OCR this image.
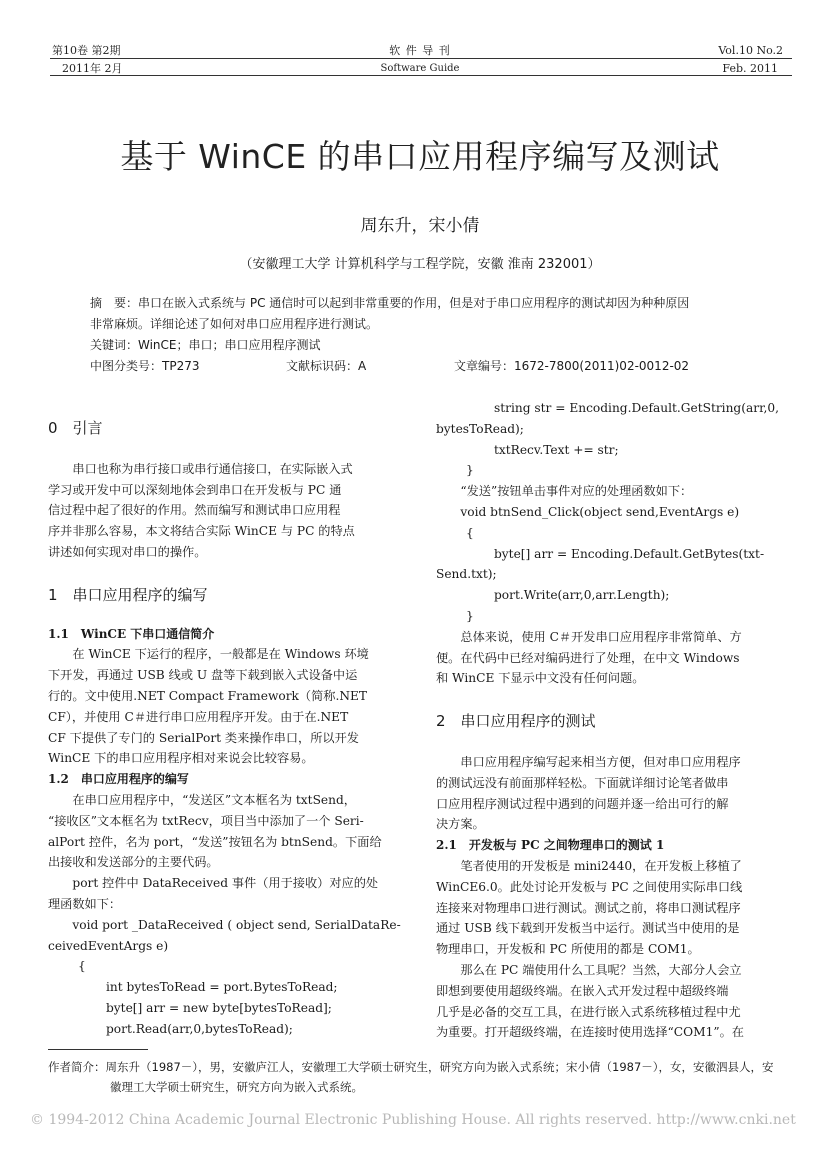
第10卷 第2期
2011年 2月
软 件 导 刊
Software Guide
Vol.10 No.2
Feb. 2011
基于 WinCE 的串口应用程序编写及测试
周东升，宋小倩
（安徽理工大学 计算机科学与工程学院，安徽 淮南 232001）
摘　要：串口在嵌入式系统与 PC 通信时可以起到非常重要的作用，但是对于串口应用程序的测试却因为种种原因
非常麻烦。详细论述了如何对串口应用程序进行测试。
关键词：WinCE；串口；串口应用程序测试
中图分类号：TP273	文献标识码：A	文章编号：1672-7800(2011)02-0012-02
0　引言

串口也称为串行接口或串行通信接口，在实际嵌入式

学习或开发中可以深刻地体会到串口在开发板与 PC 通

信过程中起了很好的作用。然而编写和测试串口应用程

序并非那么容易，本文将结合实际 WinCE 与 PC 的特点

讲述如何实现对串口的操作。

1　串口应用程序的编写
1.1　WinCE 下串口通信简介

在 WinCE 下运行的程序，一般都是在 Windows 环境

下开发，再通过 USB 线或 U 盘等下载到嵌入式设备中运

行的。文中使用.NET Compact Framework（简称.NET

CF），并使用 C＃进行串口应用程序开发。由于在.NET

CF 下提供了专门的 SerialPort 类来操作串口，所以开发

WinCE 下的串口应用程序相对来说会比较容易。

1.2　串口应用程序的编写

在串口应用程序中，“发送区”文本框名为 txtSend，

“接收区”文本框名为 txtRecv，项目当中添加了一个 Seri-

alPort 控件，名为 port，“发送”按钮名为 btnSend。下面给

出接收和发送部分的主要代码。

port 控件中 DataReceived 事件（用于接收）对应的处

理函数如下：

void port _DataReceived ( object send, SerialDataRe-

ceivedEventArgs e)

{

int bytesToRead = port.BytesToRead;

byte[] arr = new byte[bytesToRead];

port.Read(arr,0,bytesToRead);

string str = Encoding.Default.GetString(arr,0,

bytesToRead);

txtRecv.Text += str;

}

“发送”按钮单击事件对应的处理函数如下：

void btnSend_Click(object send,EventArgs e)

{

byte[] arr = Encoding.Default.GetBytes(txt-

Send.txt);

port.Write(arr,0,arr.Length);

}

总体来说，使用 C＃开发串口应用程序非常简单、方

便。在代码中已经对编码进行了处理，在中文 Windows

和 WinCE 下显示中文没有任何问题。

2　串口应用程序的测试

串口应用程序编写起来相当方便，但对串口应用程序

的测试远没有前面那样轻松。下面就详细讨论笔者做串

口应用程序测试过程中遇到的问题并逐一给出可行的解

决方案。

2.1　开发板与 PC 之间物理串口的测试 1

笔者使用的开发板是 mini2440，在开发板上移植了

WinCE6.0。此处讨论开发板与 PC 之间使用实际串口线

连接来对物理串口进行测试。测试之前，将串口测试程序

通过 USB 线下载到开发板当中运行。测试当中使用的是

物理串口，开发板和 PC 所使用的都是 COM1。

那么在 PC 端使用什么工具呢？当然，大部分人会立

即想到要使用超级终端。在嵌入式开发过程中超级终端

几乎是必备的交互工具，在进行嵌入式系统移植过程中尤

为重要。打开超级终端，在连接时使用选择“COM1”。在

作者简介：周东升（1987－），男，安徽庐江人，安徽理工大学硕士研究生，研究方向为嵌入式系统；宋小倩（1987－），女，安徽泗县人，安
徽理工大学硕士研究生，研究方向为嵌入式系统。
© 1994-2012 China Academic Journal Electronic Publishing House. All rights reserved. http://www.cnki.net
